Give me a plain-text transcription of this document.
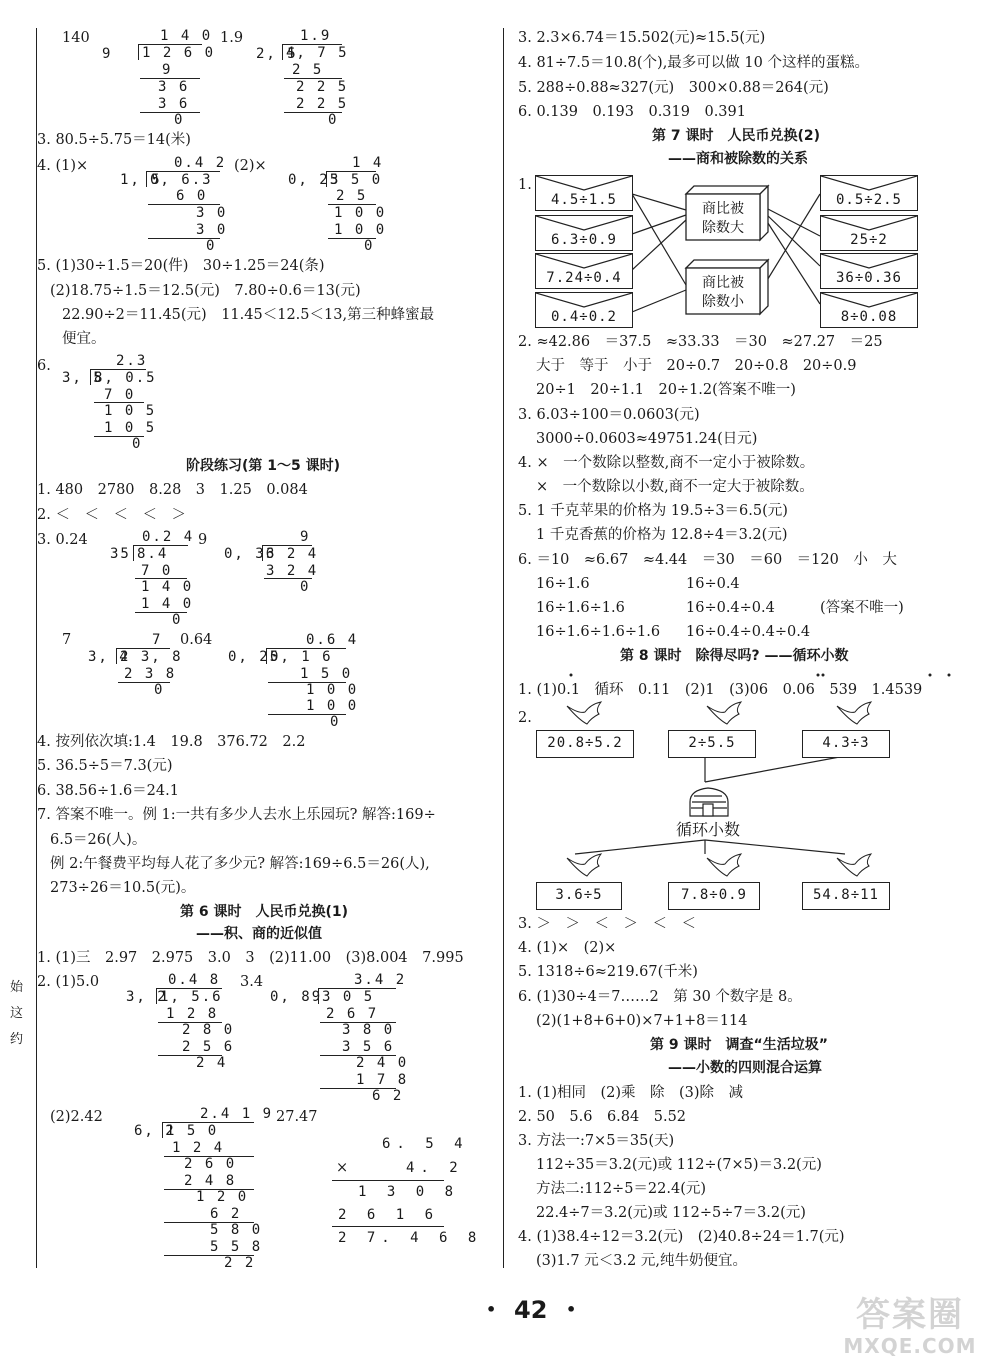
始
这
约
140	1.9
1 4 0
9 1 2 6 0
9
3 6
3 6
0
1.9
2, 5
4, 7 5
2 5
2 2 5
2 2 5
0
3. 80.5÷5.75＝14(米)
4. (1)×	(2)×
0.4 2
1, 5
0, 6.3
6 0
3 0
3 0
0
1 4
0, 25
3 5 0
2 5
1 0 0
1 0 0
0
5. (1)30÷1.5＝20(件)　30÷1.25＝24(条)
(2)18.75÷1.5＝12.5(元)　7.80÷0.6＝13(元)
22.90÷2＝11.45(元)　11.45＜12.5＜13,第三种蜂蜜最
便宜。
6.	2.3
3, 5
8, 0.5
7 0
1 0 5
1 0 5
0
阶段练习(第 1～5 课时)
1. 480　2780　8.28　3　1.25　0.084
2. ＜　＜　＜　＜　＞
3. 0.24	9
0.2 4
35 8.4
7 0
1 4 0
1 4 0
0
9
0, 36
3 2 4
3 2 4
0
7	0.64
7
3, 4
2 3, 8
2 3 8
0
0.6 4
0, 25
0, 1 6
1 5 0
1 0 0
1 0 0
0
4. 按列依次填:1.4　19.8　376.72　2.2
5. 36.5÷5＝7.3(元)
6. 38.56÷1.6＝24.1
7. 答案不唯一。例 1:一共有多少人去水上乐园玩? 解答:169÷
6.5＝26(人)。
例 2:午餐费平均每人花了多少元? 解答:169÷6.5＝26(人),
273÷26＝10.5(元)。
第 6 课时　人民币兑换(1)
——积、商的近似值
1. (1)三　2.97　2.975　3.0　3　(2)11.00　(3)8.004　7.995
2. (1)5.0	3.4
0.4 8
3, 2
1, 5.6
1 2 8
2 8 0
2 5 6
2 4
3.4 2
0, 89 3 0 5
2 6 7
3 8 0
3 5 6
2 4 0
1 7 8
6 2
(2)2.42	27.47
2.4 1 9
6, 2
1 5 0
1 2 4
2 6 0
2 4 8
1 2 0
6 2
5 8 0
5 5 8
2 2
6. 5 4
×	4. 2
1 3 0 8
2 6 1 6
2 7. 4 6 8
3. 2.3×6.74＝15.502(元)≈15.5(元)
4. 81÷7.5＝10.8(个),最多可以做 10 个这样的蛋糕。
5. 288÷0.88≈327(元)　300×0.88＝264(元)
6. 0.139　0.193　0.319　0.391
第 7 课时　人民币兑换(2)
——商和被除数的关系
1.
4.5÷1.5
6.3÷0.9
7.24÷0.4
0.4÷0.2
0.5÷2.5
25÷2
36÷0.36
8÷0.08
商比被
除数大
商比被
除数小
2. ≈42.86　＝37.5　≈33.33　＝30　≈27.27　＝25
大于　等于　小于　20÷0.7　20÷0.8　20÷0.9
20÷1　20÷1.1　20÷1.2(答案不唯一)
3. 6.03÷100＝0.0603(元)
3000÷0.0603≈49751.24(日元)
4. ×　一个数除以整数,商不一定小于被除数。
×　一个数除以小数,商不一定大于被除数。
5. 1 千克苹果的价格为 19.5÷3＝6.5(元)
1 千克香蕉的价格为 12.8÷4＝3.2(元)
6. ＝10　≈6.67　≈4.44　＝30　＝60　＝120　小　大
16÷1.6	16÷0.4
16÷1.6÷1.6	16÷0.4÷0.4	(答案不唯一)
16÷1.6÷1.6÷1.6 16÷0.4÷0.4÷0.4
第 8 课时　除得尽吗? ——循环小数
1. (1)0.1　循环　0.11　(2)1　(3)06　0.06　539　1.4539
2.
20.8÷5.2	2÷5.5	4.3÷3
循环小数
3.6÷5	7.8÷0.9	54.8÷11
3. ＞　＞　＜　＞　＜　＜
4. (1)×　(2)×
5. 1318÷6≈219.67(千米)
6. (1)30÷4＝7……2　第 30 个数字是 8。
(2)(1+8+6+0)×7+1+8＝114
第 9 课时　调查“生活垃圾”
——小数的四则混合运算
1. (1)相同　(2)乘　除　(3)除　减
2. 50　5.6　6.84　5.52
3. 方法一:7×5＝35(天)
112÷35＝3.2(元)或 112÷(7×5)＝3.2(元)
方法二:112÷5＝22.4(元)
22.4÷7＝3.2(元)或 112÷5÷7＝3.2(元)
4. (1)38.4÷12＝3.2(元)　(2)40.8÷24＝1.7(元)
(3)1.7 元＜3.2 元,纯牛奶便宜。
• 42 •	答案圈
MXQE.COM
